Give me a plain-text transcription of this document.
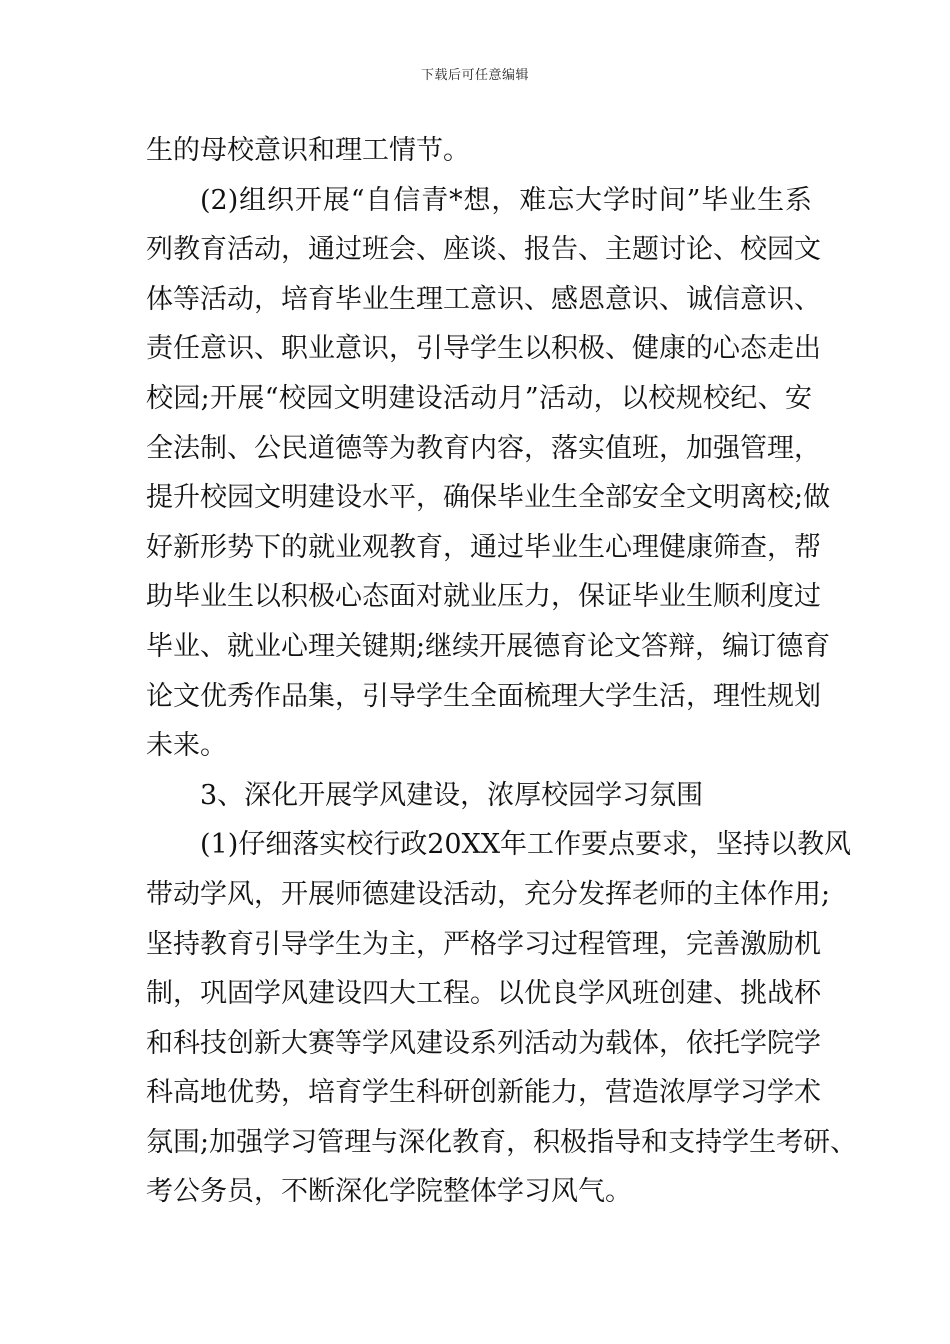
下载后可任意编辑
生的母校意识和理工情节。
(2)组织开展“自信青*想，难忘大学时间”毕业生系
列教育活动，通过班会、座谈、报告、主题讨论、校园文
体等活动，培育毕业生理工意识、感恩意识、诚信意识、
责任意识、职业意识，引导学生以积极、健康的心态走出
校园;开展“校园文明建设活动月”活动，以校规校纪、安
全法制、公民道德等为教育内容，落实值班，加强管理，
提升校园文明建设水平，确保毕业生全部安全文明离校;做
好新形势下的就业观教育，通过毕业生心理健康筛查，帮
助毕业生以积极心态面对就业压力，保证毕业生顺利度过
毕业、就业心理关键期;继续开展德育论文答辩，编订德育
论文优秀作品集，引导学生全面梳理大学生活，理性规划
未来。
3、深化开展学风建设，浓厚校园学习氛围
(1)仔细落实校行政20XX年工作要点要求，坚持以教风
带动学风，开展师德建设活动，充分发挥老师的主体作用;
坚持教育引导学生为主，严格学习过程管理，完善激励机
制，巩固学风建设四大工程。以优良学风班创建、挑战杯
和科技创新大赛等学风建设系列活动为载体，依托学院学
科高地优势，培育学生科研创新能力，营造浓厚学习学术
氛围;加强学习管理与深化教育，积极指导和支持学生考研、
考公务员，不断深化学院整体学习风气。
